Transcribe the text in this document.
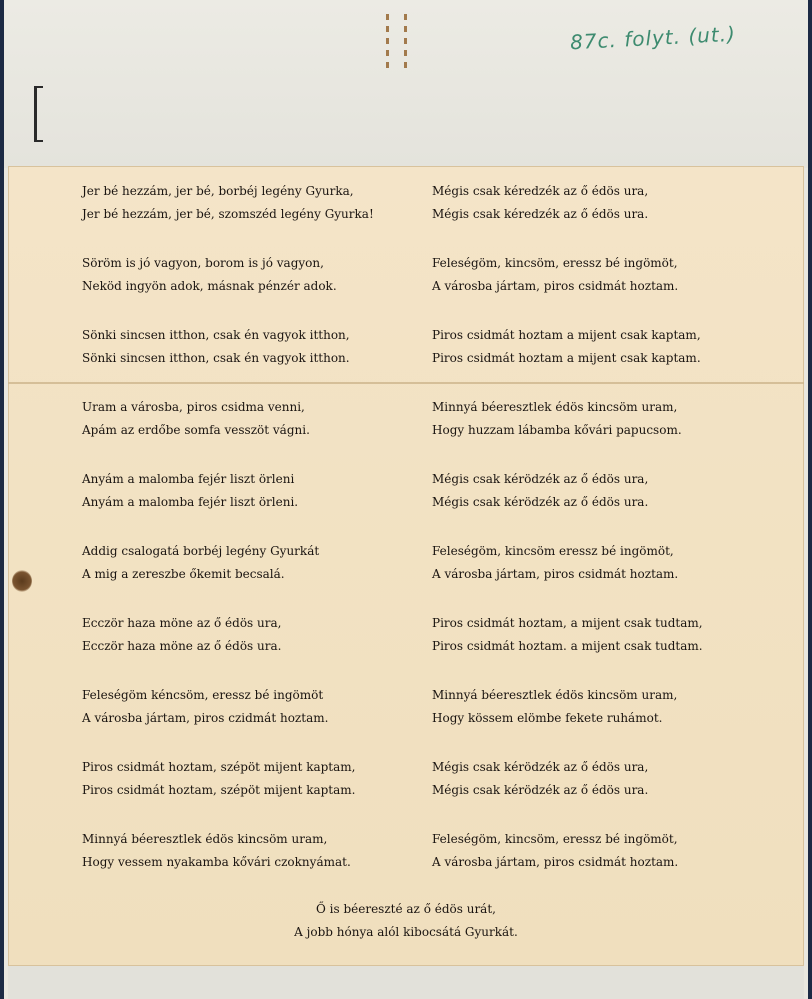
87c. folyt. (ut.)
Jer bé hezzám, jer bé, borbéj legény Gyurka,
Jer bé hezzám, jer bé, szomszéd legény Gyurka!
Söröm is jó vagyon, borom is jó vagyon,
Neköd ingyön adok, másnak pénzér adok.
Sönki sincsen itthon, csak én vagyok itthon,
Sönki sincsen itthon, csak én vagyok itthon.
Uram a városba, piros csidma venni,
Apám az erdőbe somfa vesszöt vágni.
Anyám a malomba fejér liszt örleni
Anyám a malomba fejér liszt örleni.
Addig csalogatá borbéj legény Gyurkát
A mig a zereszbe őkemit becsalá.
Ecczör haza möne az ő édös ura,
Ecczör haza möne az ő édös ura.
Feleségöm kéncsöm, eressz bé ingömöt
A városba jártam, piros czidmát hoztam.
Piros csidmát hoztam, szépöt mijent kaptam,
Piros csidmát hoztam, szépöt mijent kaptam.
Minnyá béeresztlek édös kincsöm uram,
Hogy vessem nyakamba kővári czoknyámat.
Mégis csak kéredzék az ő édös ura,
Mégis csak kéredzék az ő édös ura.
Feleségöm, kincsöm, eressz bé ingömöt,
A városba jártam, piros csidmát hoztam.
Piros csidmát hoztam a mijent csak kaptam,
Piros csidmát hoztam a mijent csak kaptam.
Minnyá béeresztlek édös kincsöm uram,
Hogy huzzam lábamba kővári papucsom.
Mégis csak kérödzék az ő édös ura,
Mégis csak kérödzék az ő édös ura.
Feleségöm, kincsöm eressz bé ingömöt,
A városba jártam, piros csidmát hoztam.
Piros csidmát hoztam, a mijent csak tudtam,
Piros csidmát hoztam. a mijent csak tudtam.
Minnyá béeresztlek édös kincsöm uram,
Hogy kössem elömbe fekete ruhámot.
Mégis csak kérödzék az ő édös ura,
Mégis csak kérödzék az ő édös ura.
Feleségöm, kincsöm, eressz bé ingömöt,
A városba jártam, piros csidmát hoztam.
Ő is béereszté az ő édös urát,
A jobb hónya alól kibocsátá Gyurkát.
